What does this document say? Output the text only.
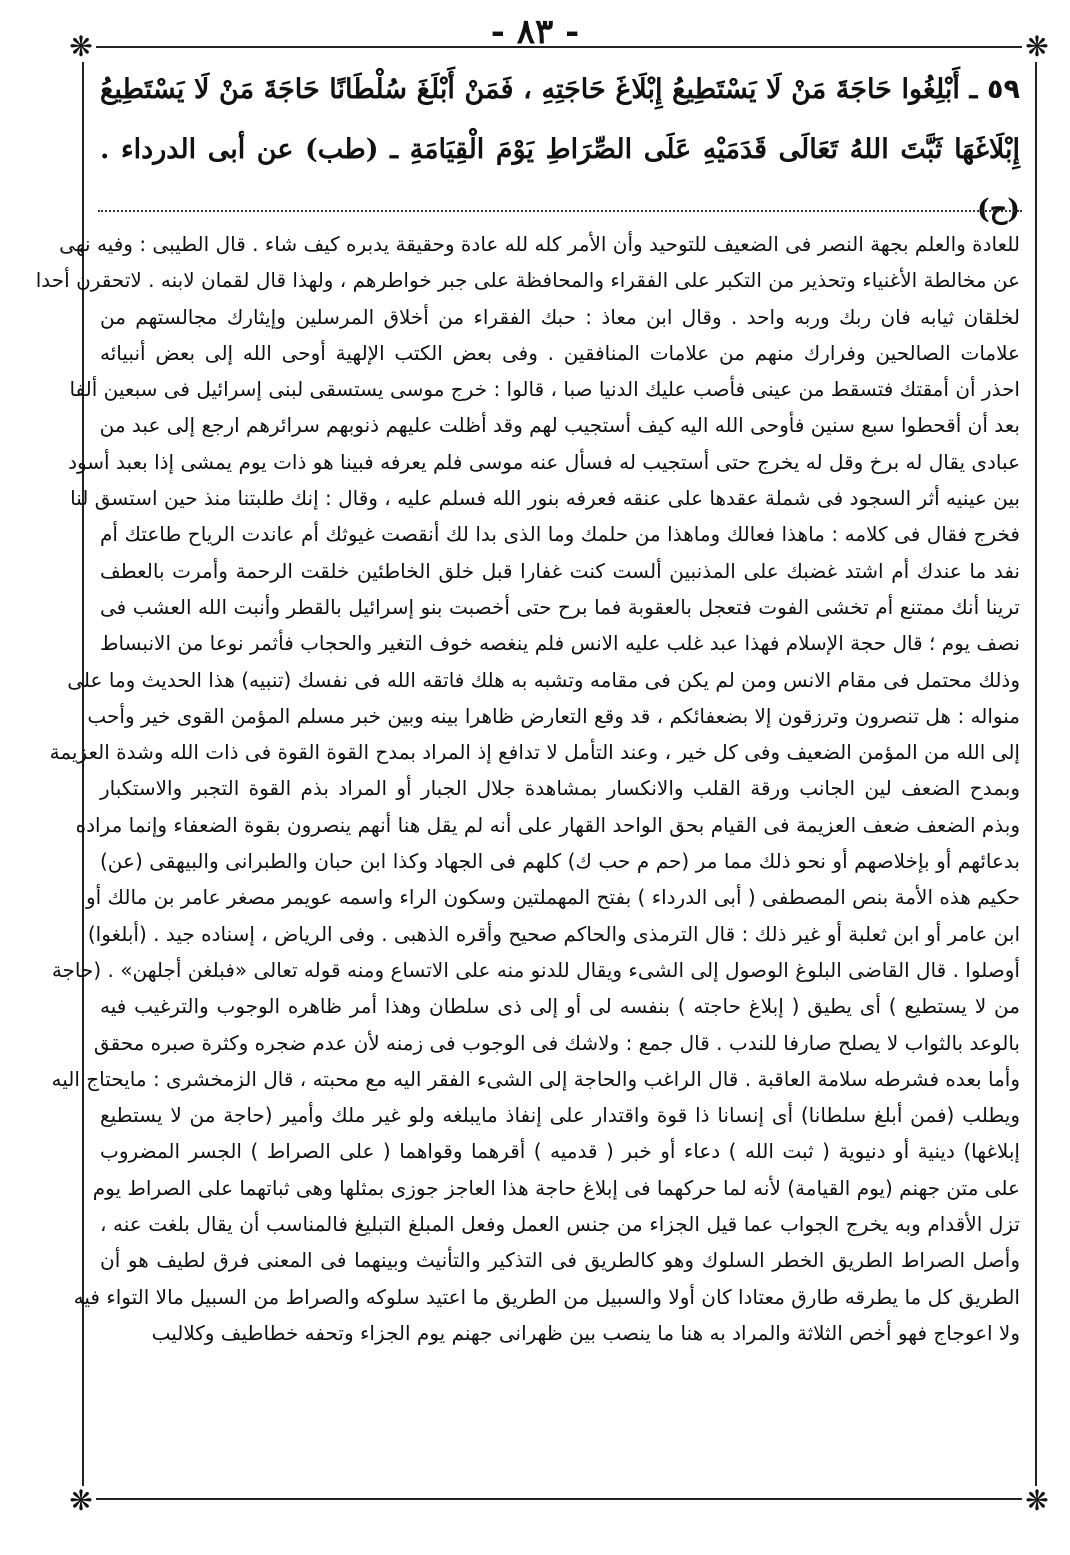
- ٨٣ -
❋	❋
❋	❋
٥٩ ـ أَبْلِغُوا حَاجَةَ مَنْ لَا يَسْتَطِيعُ إِبْلَاغَ حَاجَتِهِ ، فَمَنْ أَبْلَغَ سُلْطَانًا حَاجَةَ مَنْ لَا يَسْتَطِيعُ إِبْلَاغَهَا ثَبَّتَ اللهُ تَعَالَى قَدَمَيْهِ عَلَى الصِّرَاطِ يَوْمَ الْقِيَامَةِ ـ (طب) عن أبى الدرداء . (ح)

للعادة والعلم بجهة النصر فى الضعيف للتوحيد وأن الأمر كله لله عادة وحقيقة يدبره كيف شاء . قال الطيبى : وفيه نهى

عن مخالطة الأغنياء وتحذير من التكبر على الفقراء والمحافظة على جبر خواطرهم ، ولهذا قال لقمان لابنه . لاتحقرن أحدا

لخلقان ثيابه فان ربك وربه واحد . وقال ابن معاذ : حبك الفقراء من أخلاق المرسلين وإيثارك مجالستهم من

علامات الصالحين وفرارك منهم من علامات المنافقين . وفى بعض الكتب الإلهية أوحى الله إلى بعض أنبيائه

احذر أن أمقتك فتسقط من عينى فأصب عليك الدنيا صبا ، قالوا : خرج موسى يستسقى لبنى إسرائيل فى سبعين ألفا

بعد أن أقحطوا سبع سنين فأوحى الله اليه كيف أستجيب لهم وقد أظلت عليهم ذنوبهم سرائرهم ارجع إلى عبد من

عبادى يقال له برخ وقل له يخرج حتى أستجيب له فسأل عنه موسى فلم يعرفه فبينا هو ذات يوم يمشى إذا بعبد أسود

بين عينيه أثر السجود فى شملة عقدها على عنقه فعرفه بنور الله فسلم عليه ، وقال : إنك طلبتنا منذ حين استسق لنا

فخرج فقال فى كلامه : ماهذا فعالك وماهذا من حلمك وما الذى بدا لك أنقصت غيوثك أم عاندت الرياح طاعتك أم

نفد ما عندك أم اشتد غضبك على المذنبين ألست كنت غفارا قبل خلق الخاطئين خلقت الرحمة وأمرت بالعطف

ترينا أنك ممتنع أم تخشى الفوت فتعجل بالعقوبة فما برح حتى أخصبت بنو إسرائيل بالقطر وأنبت الله العشب فى

نصف يوم ؛ قال حجة الإسلام فهذا عبد غلب عليه الانس فلم ينغصه خوف التغير والحجاب فأثمر نوعا من الانبساط

وذلك محتمل فى مقام الانس ومن لم يكن فى مقامه وتشبه به هلك فاتقه الله فى نفسك (تنبيه) هذا الحديث وما على

منواله : هل تنصرون وترزقون إلا بضعفائكم ، قد وقع التعارض ظاهرا بينه وبين خبر مسلم المؤمن القوى خير وأحب

إلى الله من المؤمن الضعيف وفى كل خير ، وعند التأمل لا تدافع إذ المراد بمدح القوة القوة فى ذات الله وشدة العزيمة

وبمدح الضعف لين الجانب ورقة القلب والانكسار بمشاهدة جلال الجبار أو المراد بذم القوة التجبر والاستكبار

وبذم الضعف ضعف العزيمة فى القيام بحق الواحد القهار على أنه لم يقل هنا أنهم ينصرون بقوة الضعفاء وإنما مراده

بدعائهم أو بإخلاصهم أو نحو ذلك مما مر (حم م حب ك) كلهم فى الجهاد وكذا ابن حبان والطبرانى والبيهقى (عن)

حكيم هذه الأمة بنص المصطفى ( أبى الدرداء ) بفتح المهملتين وسكون الراء واسمه عويمر مصغر عامر بن مالك أو

ابن عامر أو ابن ثعلبة أو غير ذلك : قال الترمذى والحاكم صحيح وأقره الذهبى . وفى الرياض ، إسناده جيد . (أبلغوا)

أوصلوا . قال القاضى البلوغ الوصول إلى الشىء ويقال للدنو منه على الاتساع ومنه قوله تعالى «فبلغن أجلهن» . (حاجة

من لا يستطيع ) أى يطيق ( إبلاغ حاجته ) بنفسه لى أو إلى ذى سلطان وهذا أمر ظاهره الوجوب والترغيب فيه

بالوعد بالثواب لا يصلح صارفا للندب . قال جمع : ولاشك فى الوجوب فى زمنه لأن عدم ضجره وكثرة صبره محقق

وأما بعده فشرطه سلامة العاقبة . قال الراغب والحاجة إلى الشىء الفقر اليه مع محبته ، قال الزمخشرى : مايحتاج اليه

ويطلب (فمن أبلغ سلطانا) أى إنسانا ذا قوة واقتدار على إنفاذ مايبلغه ولو غير ملك وأمير (حاجة من لا يستطيع

إبلاغها) دينية أو دنيوية ( ثبت الله ) دعاء أو خبر ( قدميه ) أقرهما وقواهما ( على الصراط ) الجسر المضروب

على متن جهنم (يوم القيامة) لأنه لما حركهما فى إبلاغ حاجة هذا العاجز جوزى بمثلها وهى ثباتهما على الصراط يوم

تزل الأقدام وبه يخرج الجواب عما قيل الجزاء من جنس العمل وفعل المبلغ التبليغ فالمناسب أن يقال بلغت عنه ،

وأصل الصراط الطريق الخطر السلوك وهو كالطريق فى التذكير والتأنيث وبينهما فى المعنى فرق لطيف هو أن

الطريق كل ما يطرقه طارق معتادا كان أولا والسبيل من الطريق ما اعتيد سلوكه والصراط من السبيل مالا التواء فيه

ولا اعوجاج فهو أخص الثلاثة والمراد به هنا ما ينصب بين ظهرانى جهنم يوم الجزاء وتحفه خطاطيف وكلاليب
